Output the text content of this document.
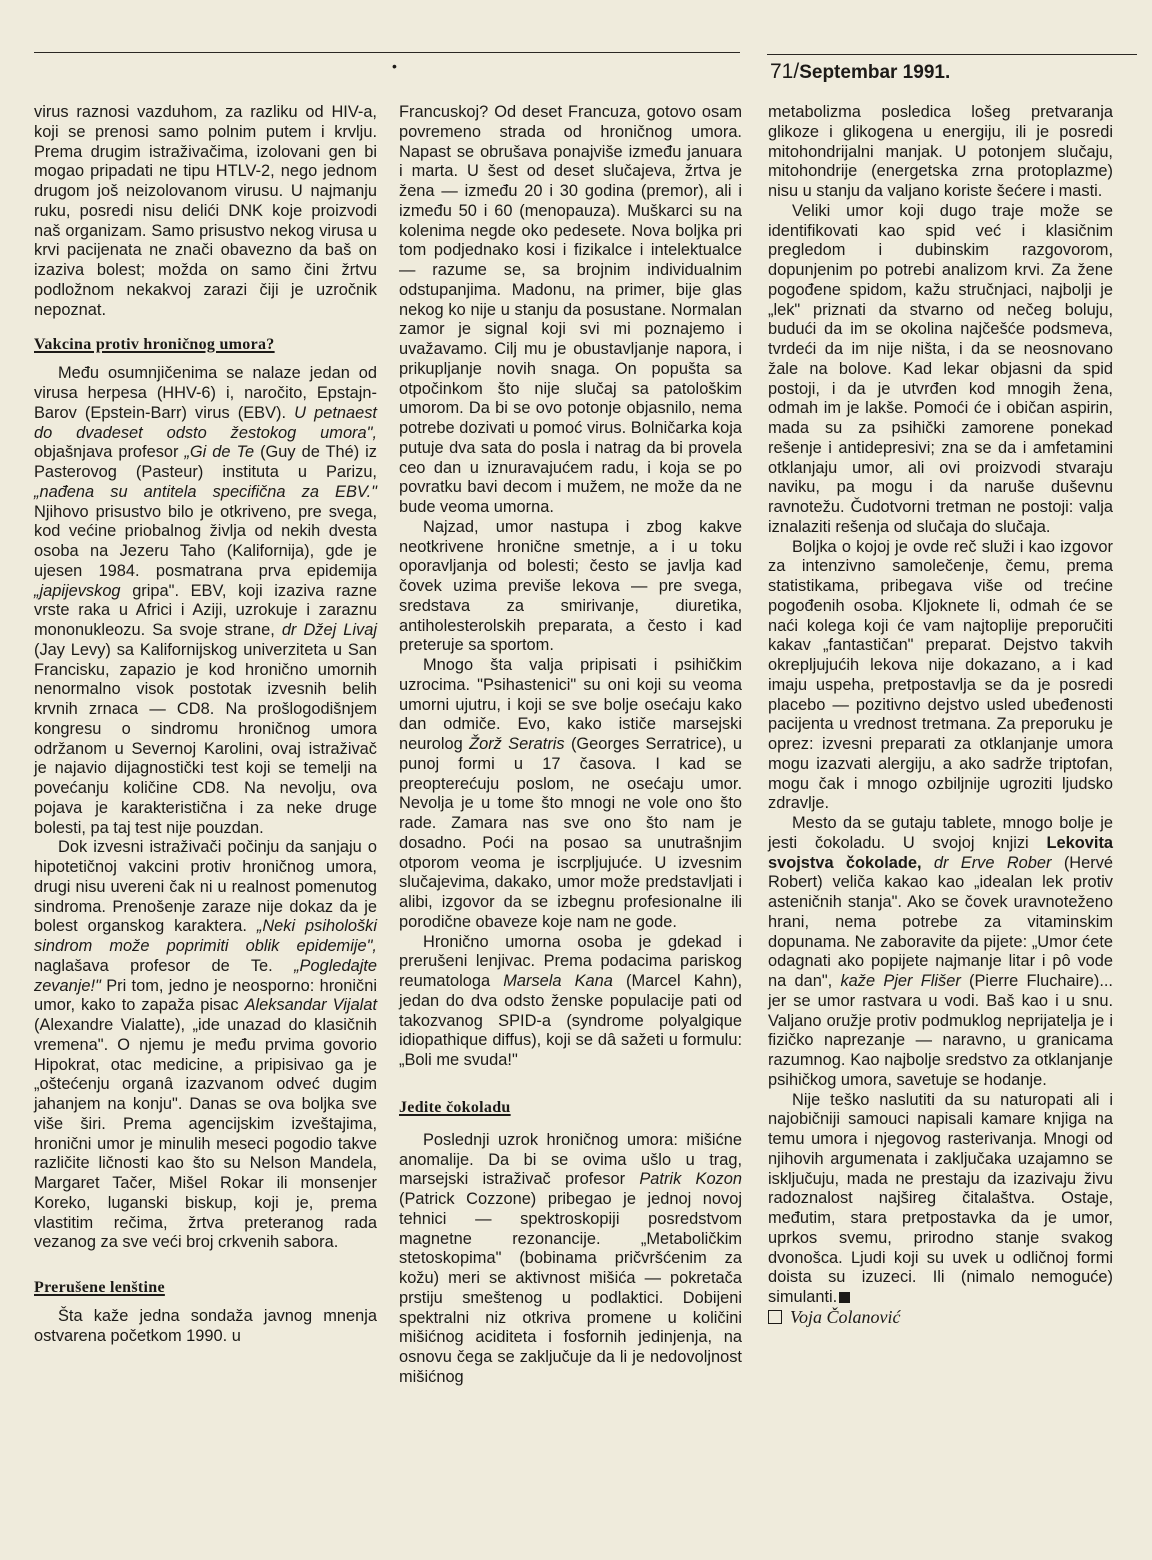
•	71/Septembar 1991.

virus raznosi vazduhom, za razliku od HIV-a, koji se prenosi samo polnim putem i krvlju. Prema drugim istraživačima, izolovani gen bi mogao pripadati ne tipu HTLV-2, nego jednom drugom još neizolovanom virusu. U najmanju ruku, posredi nisu delići DNK koje proizvodi naš organizam. Samo prisustvo nekog virusa u krvi pacijenata ne znači obavezno da baš on izaziva bolest; možda on samo čini žrtvu podložnom nekakvoj zarazi čiji je uzročnik nepoznat.

Vakcina protiv hroničnog umora?

Među osumnjičenima se nalaze jedan od virusa herpesa (HHV-6) i, naročito, Epstajn-Barov (Epstein-Barr) virus (EBV). U petnaest do dvadeset odsto žestokog umora", objašnjava profesor „Gi de Te (Guy de Thé) iz Pasterovog (Pasteur) instituta u Parizu, „nađena su antitela specifična za EBV." Njihovo prisustvo bilo je otkriveno, pre svega, kod većine priobalnog življa od nekih dvesta osoba na Jezeru Taho (Kalifornija), gde je ujesen 1984. posmatrana prva epidemija „japijevskog gripa". EBV, koji izaziva razne vrste raka u Africi i Aziji, uzrokuje i zaraznu mononukleozu. Sa svoje strane, dr Džej Livaj (Jay Levy) sa Kalifornijskog univerziteta u San Francisku, zapazio je kod hronično umornih nenormalno visok postotak izvesnih belih krvnih zrnaca — CD8. Na prošlogodišnjem kongresu o sindromu hroničnog umora održanom u Severnoj Karolini, ovaj istraživač je najavio dijagnostički test koji se temelji na povećanju količine CD8. Na nevolju, ova pojava je karakteristična i za neke druge bolesti, pa taj test nije pouzdan.

Dok izvesni istraživači počinju da sanjaju o hipotetičnoj vakcini protiv hroničnog umora, drugi nisu uvereni čak ni u realnost pomenutog sindroma. Prenošenje zaraze nije dokaz da je bolest organskog karaktera. „Neki psihološki sindrom može poprimiti oblik epidemije", naglašava profesor de Te. „Pogledajte zevanje!" Pri tom, jedno je neosporno: hronični umor, kako to zapaža pisac Aleksandar Vijalat (Alexandre Vialatte), „ide unazad do klasičnih vremena". O njemu je među prvima govorio Hipokrat, otac medicine, a pripisivao ga je „oštećenju organâ izazvanom odveć dugim jahanjem na konju". Danas se ova boljka sve više širi. Prema agencijskim izveštajima, hronični umor je minulih meseci pogodio takve različite ličnosti kao što su Nelson Mandela, Margaret Tačer, Mišel Rokar ili monsenjer Koreko, luganski biskup, koji je, prema vlastitim rečima, žrtva preteranog rada vezanog za sve veći broj crkvenih sabora.

Prerušene lenštine

Šta kaže jedna sondaža javnog mnenja ostvarena početkom 1990. u

Francuskoj? Od deset Francuza, gotovo osam povremeno strada od hroničnog umora. Napast se obrušava ponajviše između januara i marta. U šest od deset slučajeva, žrtva je žena — između 20 i 30 godina (premor), ali i između 50 i 60 (menopauza). Muškarci su na kolenima negde oko pedesete. Nova boljka pri tom podjednako kosi i fizikalce i intelektualce — razume se, sa brojnim individualnim odstupanjima. Madonu, na primer, bije glas nekog ko nije u stanju da posustane. Normalan zamor je signal koji svi mi poznajemo i uvažavamo. Cilj mu je obustavljanje napora, i prikupljanje novih snaga. On popušta sa otpočinkom što nije slučaj sa patološkim umorom. Da bi se ovo potonje objasnilo, nema potrebe dozivati u pomoć virus. Bolničarka koja putuje dva sata do posla i natrag da bi provela ceo dan u iznuravajućem radu, i koja se po povratku bavi decom i mužem, ne može da ne bude veoma umorna.

Najzad, umor nastupa i zbog kakve neotkrivene hronične smetnje, a i u toku oporavljanja od bolesti; često se javlja kad čovek uzima previše lekova — pre svega, sredstava za smirivanje, diuretika, antiholesterolskih preparata, a često i kad preteruje sa sportom.

Mnogo šta valja pripisati i psihičkim uzrocima. "Psihastenici" su oni koji su veoma umorni ujutru, i koji se sve bolje osećaju kako dan odmiče. Evo, kako ističe marsejski neurolog Žorž Seratris (Georges Serratrice), u punoj formi u 17 časova. I kad se preopterećuju poslom, ne osećaju umor. Nevolja je u tome što mnogi ne vole ono što rade. Zamara nas sve ono što nam je dosadno. Poći na posao sa unutrašnjim otporom veoma je iscrpljujuće. U izvesnim slučajevima, dakako, umor može predstavljati i alibi, izgovor da se izbegnu profesionalne ili porodične obaveze koje nam ne gode.

Hronično umorna osoba je gdekad i prerušeni lenjivac. Prema podacima pariskog reumatologa Marsela Kana (Marcel Kahn), jedan do dva odsto ženske populacije pati od takozvanog SPID-a (syndrome polyalgique idiopathique diffus), koji se dâ sažeti u formulu: „Boli me svuda!"

Jedite čokoladu

Poslednji uzrok hroničnog umora: mišićne anomalije. Da bi se ovima ušlo u trag, marsejski istraživač profesor Patrik Kozon (Patrick Cozzone) pribegao je jednoj novoj tehnici — spektroskopiji posredstvom magnetne rezonancije. „Metaboličkim stetoskopima" (bobinama pričvršćenim za kožu) meri se aktivnost mišića — pokretača prstiju smeštenog u podlaktici. Dobijeni spektralni niz otkriva promene u količini mišićnog aciditeta i fosfornih jedinjenja, na osnovu čega se zaključuje da li je nedovoljnost mišićnog

metabolizma posledica lošeg pretvaranja glikoze i glikogena u energiju, ili je posredi mitohondrijalni manjak. U potonjem slučaju, mitohondrije (energetska zrna protoplazme) nisu u stanju da valjano koriste šećere i masti.

Veliki umor koji dugo traje može se identifikovati kao spid već i klasičnim pregledom i dubinskim razgovorom, dopunjenim po potrebi analizom krvi. Za žene pogođene spidom, kažu stručnjaci, najbolji je „lek" priznati da stvarno od nečeg boluju, budući da im se okolina najčešće podsmeva, tvrdeći da im nije ništa, i da se neosnovano žale na bolove. Kad lekar objasni da spid postoji, i da je utvrđen kod mnogih žena, odmah im je lakše. Pomoći će i običan aspirin, mada su za psihički zamorene ponekad rešenje i antidepresivi; zna se da i amfetamini otklanjaju umor, ali ovi proizvodi stvaraju naviku, pa mogu i da naruše duševnu ravnotežu. Čudotvorni tretman ne postoji: valja iznalaziti rešenja od slučaja do slučaja.

Boljka o kojoj je ovde reč služi i kao izgovor za intenzivno samolečenje, čemu, prema statistikama, pribegava više od trećine pogođenih osoba. Kljoknete li, odmah će se naći kolega koji će vam najtoplije preporučiti kakav „fantastičan" preparat. Dejstvo takvih okrepljujućih lekova nije dokazano, a i kad imaju uspeha, pretpostavlja se da je posredi placebo — pozitivno dejstvo usled ubeđenosti pacijenta u vrednost tretmana. Za preporuku je oprez: izvesni preparati za otklanjanje umora mogu izazvati alergiju, a ako sadrže triptofan, mogu čak i mnogo ozbiljnije ugroziti ljudsko zdravlje.

Mesto da se gutaju tablete, mnogo bolje je jesti čokoladu. U svojoj knjizi Lekovita svojstva čokolade, dr Erve Rober (Hervé Robert) veliča kakao kao „idealan lek protiv asteničnih stanja". Ako se čovek uravnoteženo hrani, nema potrebe za vitaminskim dopunama. Ne zaboravite da pijete: „Umor ćete odagnati ako popijete najmanje litar i pô vode na dan", kaže Pjer Flišer (Pierre Fluchaire)... jer se umor rastvara u vodi. Baš kao i u snu. Valjano oružje protiv podmuklog neprijatelja je i fizičko naprezanje — naravno, u granicama razumnog. Kao najbolje sredstvo za otklanjanje psihičkog umora, savetuje se hodanje.

Nije teško naslutiti da su naturopati ali i najobičniji samouci napisali kamare knjiga na temu umora i njegovog rasterivanja. Mnogi od njihovih argumenata i zaključaka uzajamno se isključuju, mada ne prestaju da izazivaju živu radoznalost najšireg čitalaštva. Ostaje, međutim, stara pretpostavka da je umor, uprkos svemu, prirodno stanje svakog dvonošca. Ljudi koji su uvek u odličnoj formi doista su izuzeci. Ili (nimalo nemoguće) simulanti.

Voja Čolanović
